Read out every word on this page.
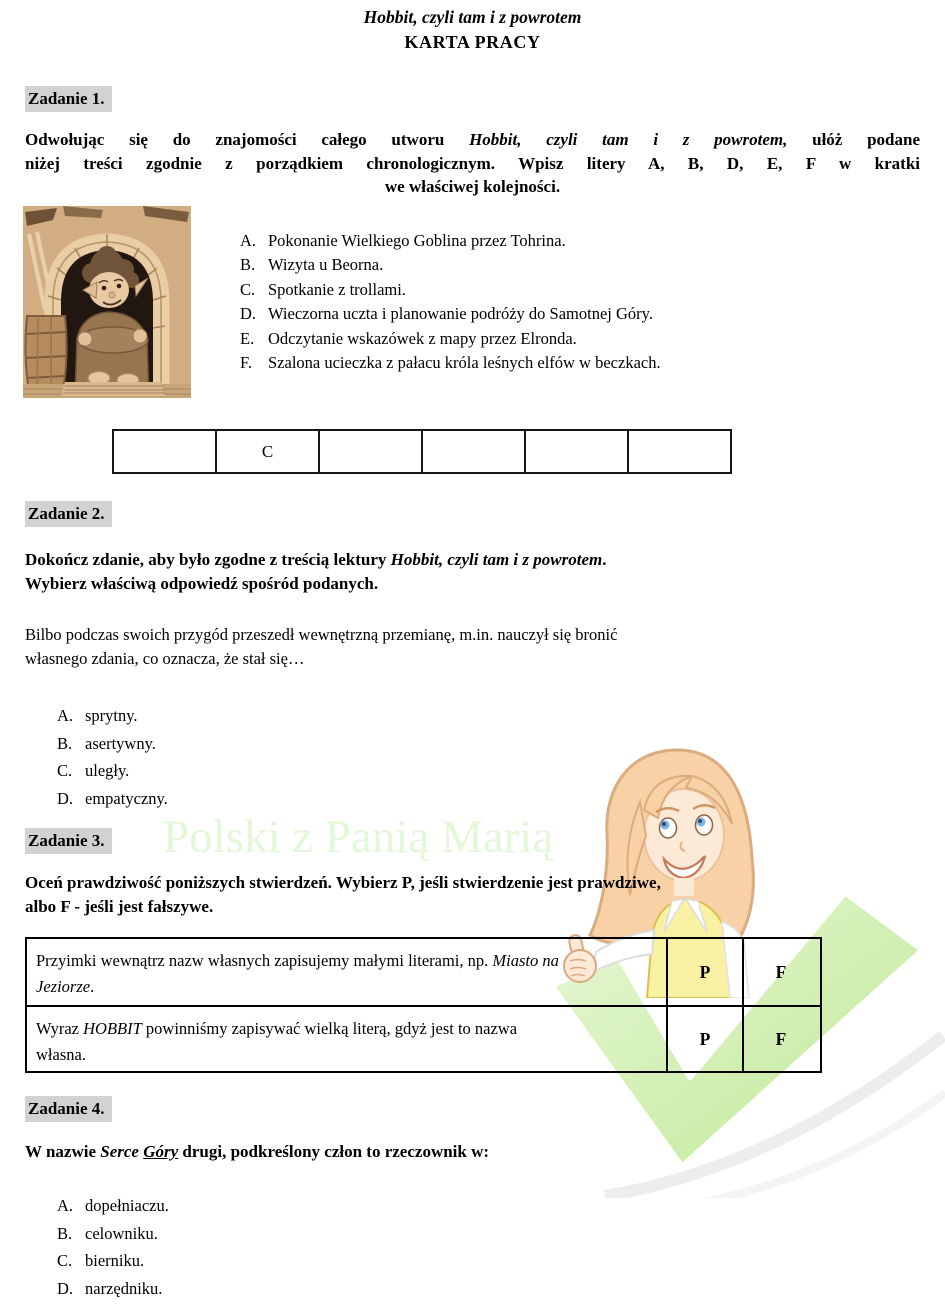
Polski z Panią Marią
Hobbit, czyli tam i z powrotem
KARTA PRACY
Zadanie 1.
Odwołując się do znajomości całego utworu Hobbit, czyli tam i z powrotem, ułóż podane
niżej treści zgodnie z porządkiem chronologicznym. Wpisz litery A, B, D, E, F w kratki
we właściwej kolejności.
A. Pokonanie Wielkiego Goblina przez Tohrina.
B. Wizyta u Beorna.
C. Spotkanie z trollami.
D. Wieczorna uczta i planowanie podróży do Samotnej Góry.
E. Odczytanie wskazówek z mapy przez Elronda.
F. Szalona ucieczka z pałacu króla leśnych elfów w beczkach.
C
Zadanie 2.
Dokończ zdanie, aby było zgodne z treścią lektury Hobbit, czyli tam i z powrotem.
Wybierz właściwą odpowiedź spośród podanych.
Bilbo podczas swoich przygód przeszedł wewnętrzną przemianę, m.in. nauczył się bronić
własnego zdania, co oznacza, że stał się…
A. sprytny.
B. asertywny.
C. uległy.
D. empatyczny.
Zadanie 3.
Oceń prawdziwość poniższych stwierdzeń. Wybierz P, jeśli stwierdzenie jest prawdziwe,
albo F - jeśli jest fałszywe.
Przyimki wewnątrz nazw własnych zapisujemy małymi literami, np. Miasto na
Jeziorze.
P	F
Wyraz HOBBIT powinniśmy zapisywać wielką literą, gdyż jest to nazwa
własna.
P	F
Zadanie 4.
W nazwie Serce Góry drugi, podkreślony człon to rzeczownik w:
A. dopełniaczu.
B. celowniku.
C. bierniku.
D. narzędniku.
